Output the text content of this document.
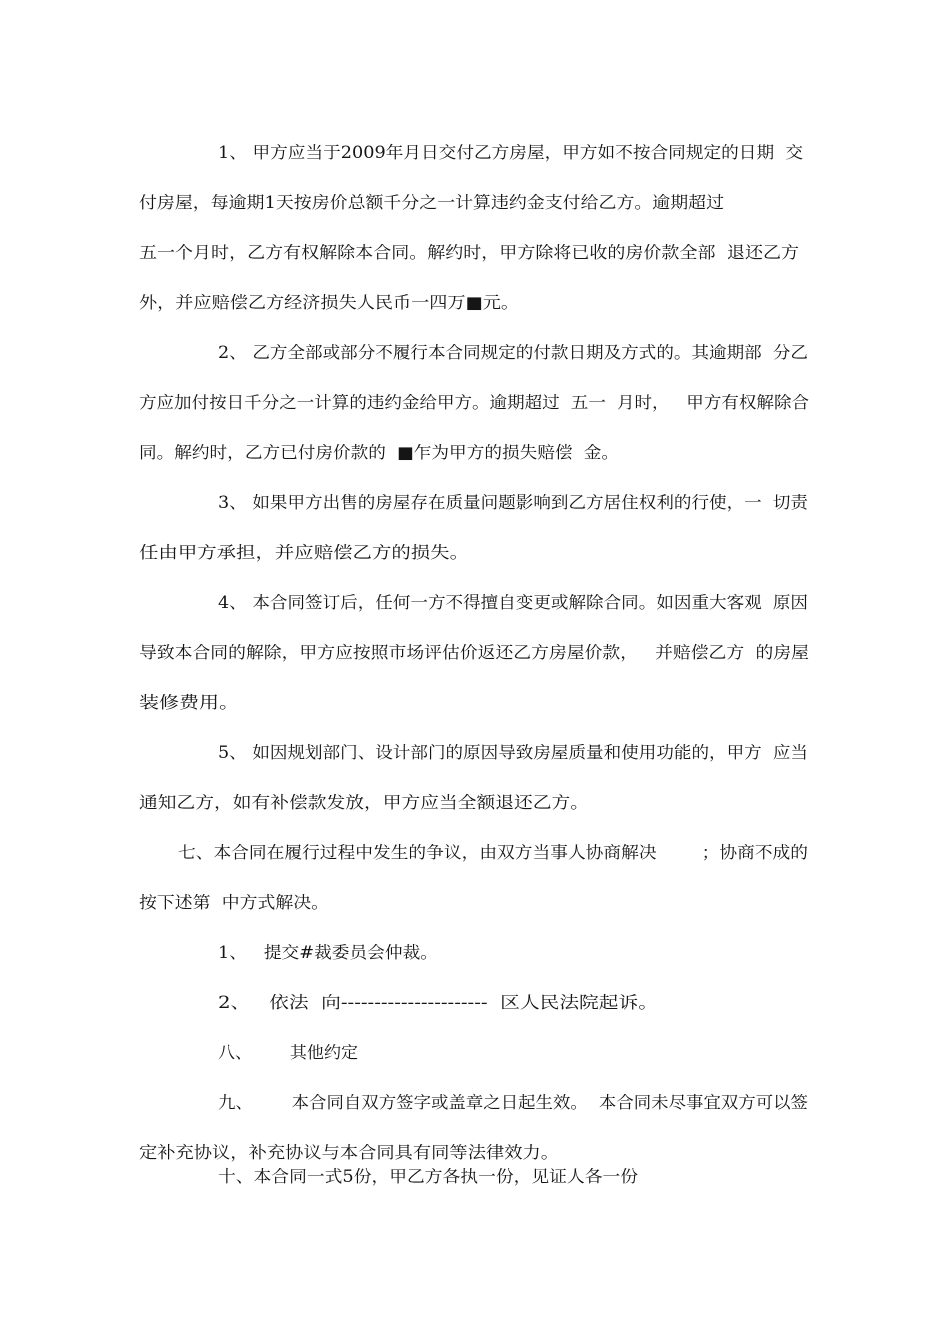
1、 甲方应当于2009年月日交付乙方房屋，甲方如不按合同规定的日期  交
付房屋，每逾期1天按房价总额千分之一计算违约金支付给乙方。逾期超过
五一个月时，乙方有权解除本合同。解约时，甲方除将已收的房价款全部  退还乙方
外，并应赔偿乙方经济损失人民币一四万■元。
2、 乙方全部或部分不履行本合同规定的付款日期及方式的。其逾期部  分乙
方应加付按日千分之一计算的违约金给甲方。逾期超过  五一  月时，   甲方有权解除合
同。解约时，乙方已付房价款的  ■乍为甲方的损失赔偿  金。
3、 如果甲方出售的房屋存在质量问题影响到乙方居住权利的行使，一  切责
任由甲方承担，并应赔偿乙方的损失。
4、 本合同签订后，任何一方不得擅自变更或解除合同。如因重大客观  原因
导致本合同的解除，甲方应按照市场评估价返还乙方房屋价款，   并赔偿乙方  的房屋
装修费用。
5、 如因规划部门、设计部门的原因导致房屋质量和使用功能的，甲方  应当
通知乙方，如有补偿款发放，甲方应当全额退还乙方。
七、本合同在履行过程中发生的争议，由双方当事人协商解决        ；协商不成的
按下述第  中方式解决。
1、   提交#裁委员会仲裁。
2、   依法  向----------------------  区人民法院起诉。
八、       其他约定
九、       本合同自双方签字或盖章之日起生效。  本合同未尽事宜双方可以签
定补充协议，补充协议与本合同具有同等法律效力。
十、本合同一式5份，甲乙方各执一份，见证人各一份
